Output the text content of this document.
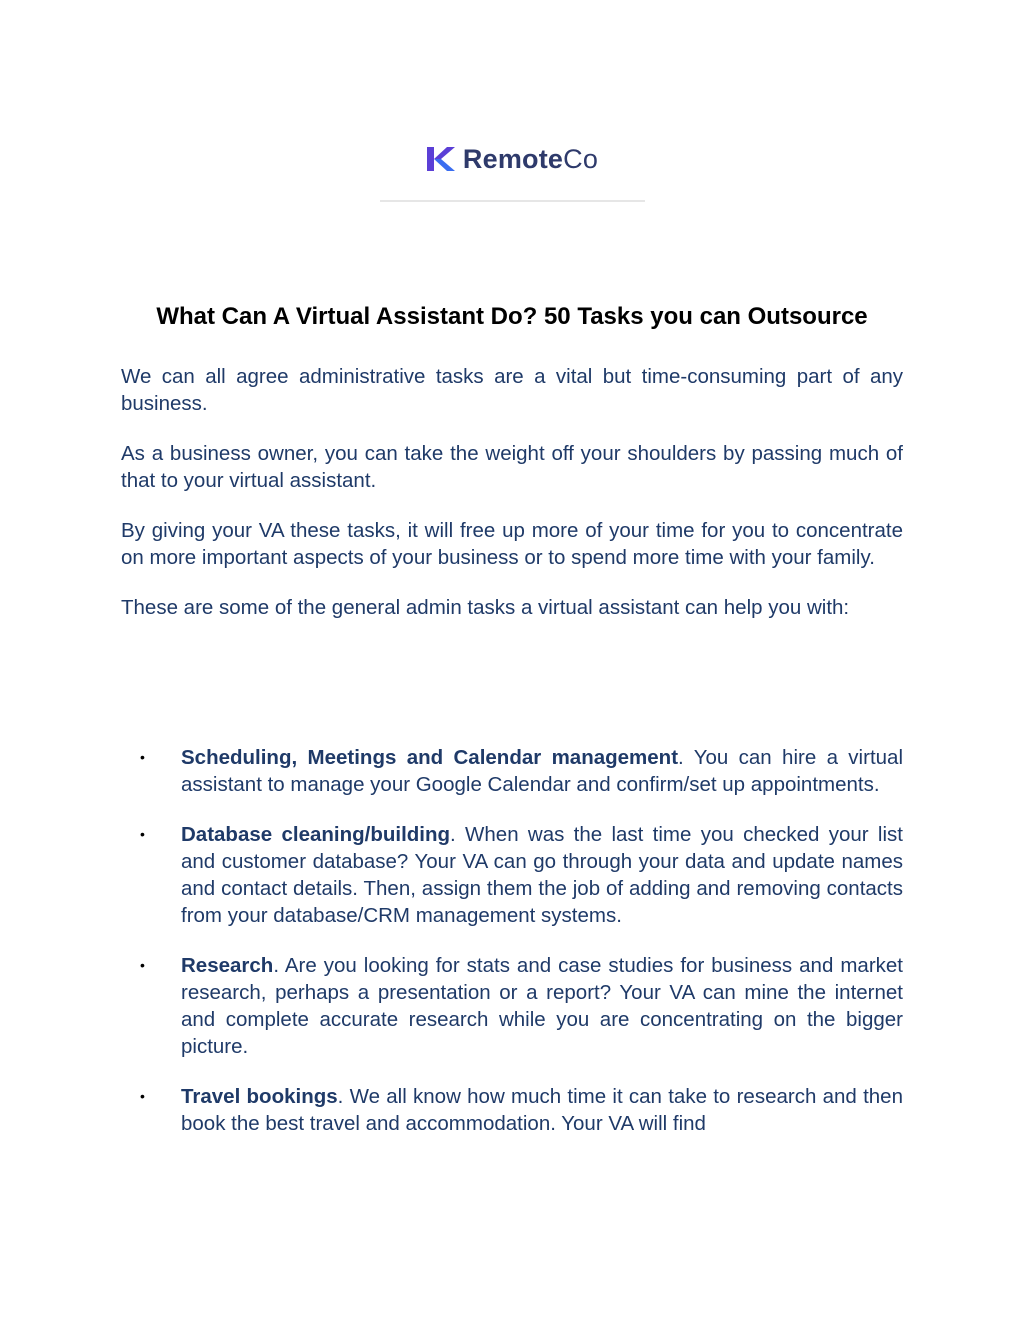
RemoteCo
What Can A Virtual Assistant Do? 50 Tasks you can Outsource

We can all agree administrative tasks are a vital but time-consuming part of any business.

As a business owner, you can take the weight off your shoulders by passing much of that to your virtual assistant.

By giving your VA these tasks, it will free up more of your time for you to concentrate on more important aspects of your business or to spend more time with your family.

These are some of the general admin tasks a virtual assistant can help you with:

• Scheduling, Meetings and Calendar management. You can hire a virtual assistant to manage your Google Calendar and confirm/set up appointments.
• Database cleaning/building. When was the last time you checked your list and customer database? Your VA can go through your data and update names and contact details. Then, assign them the job of adding and removing contacts from your database/CRM management systems.
• Research. Are you looking for stats and case studies for business and market research, perhaps a presentation or a report? Your VA can mine the internet and complete accurate research while you are concentrating on the bigger picture.
• Travel bookings. We all know how much time it can take to research and then book the best travel and accommodation. Your VA will find
